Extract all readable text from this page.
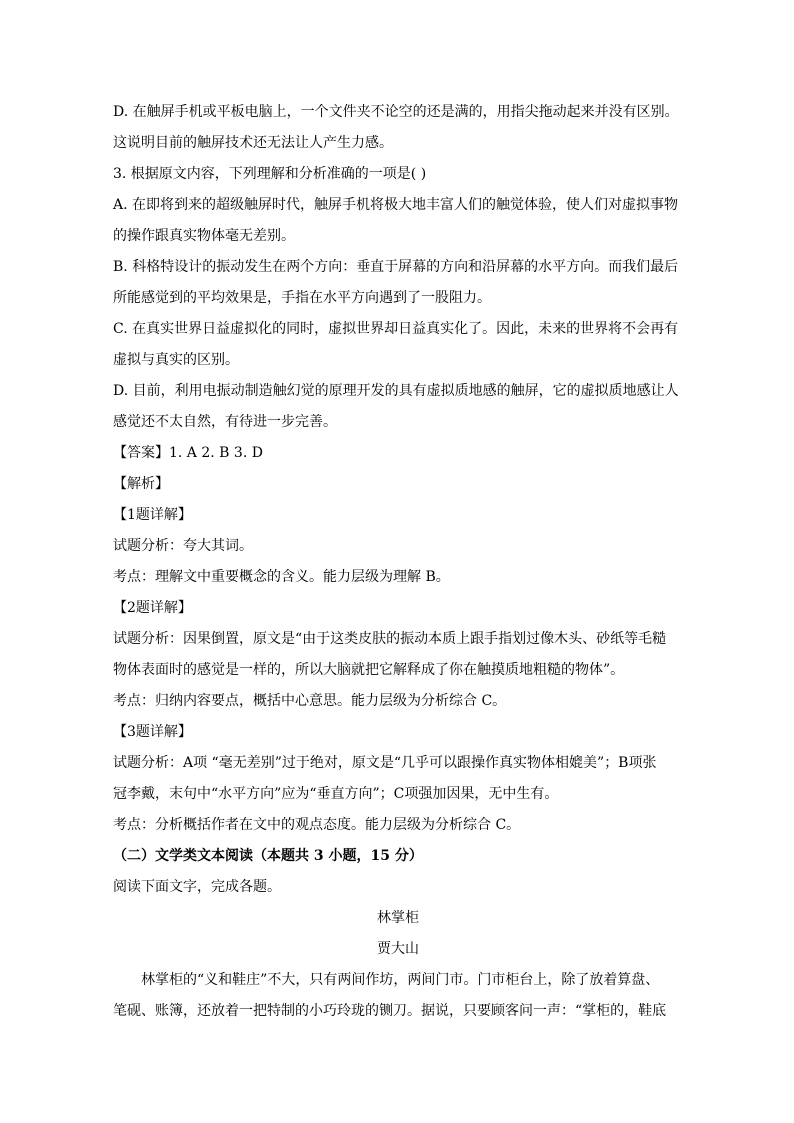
D. 在触屏手机或平板电脑上，一个文件夹不论空的还是满的，用指尖拖动起来并没有区别。
这说明目前的触屏技术还无法让人产生力感。
3. 根据原文内容，下列理解和分析准确的一项是( )
A. 在即将到来的超级触屏时代，触屏手机将极大地丰富人们的触觉体验，使人们对虚拟事物
的操作跟真实物体毫无差别。
B. 科格特设计的振动发生在两个方向：垂直于屏幕的方向和沿屏幕的水平方向。而我们最后
所能感觉到的平均效果是，手指在水平方向遇到了一股阻力。
C. 在真实世界日益虚拟化的同时，虚拟世界却日益真实化了。因此，未来的世界将不会再有
虚拟与真实的区别。
D. 目前，利用电振动制造触幻觉的原理开发的具有虚拟质地感的触屏，它的虚拟质地感让人
感觉还不太自然，有待进一步完善。
【答案】1. A 2. B 3. D
【解析】
【1题详解】
试题分析：夸大其词。
考点：理解文中重要概念的含义。能力层级为理解 B。
【2题详解】
试题分析：因果倒置，原文是“由于这类皮肤的振动本质上跟手指划过像木头、砂纸等毛糙
物体表面时的感觉是一样的，所以大脑就把它解释成了你在触摸质地粗糙的物体”。
考点：归纳内容要点，概括中心意思。能力层级为分析综合 C。
【3题详解】
试题分析：A项 “毫无差别”过于绝对，原文是“几乎可以跟操作真实物体相媲美”；B项张
冠李戴，末句中“水平方向”应为“垂直方向”；C项强加因果，无中生有。
考点：分析概括作者在文中的观点态度。能力层级为分析综合 C。
（二）文学类文本阅读（本题共 3 小题，15 分）
阅读下面文字，完成各题。
林掌柜
贾大山
林掌柜的“义和鞋庄”不大，只有两间作坊，两间门市。门市柜台上，除了放着算盘、
笔砚、账簿，还放着一把特制的小巧玲珑的铡刀。据说，只要顾客问一声：“掌柜的，鞋底
